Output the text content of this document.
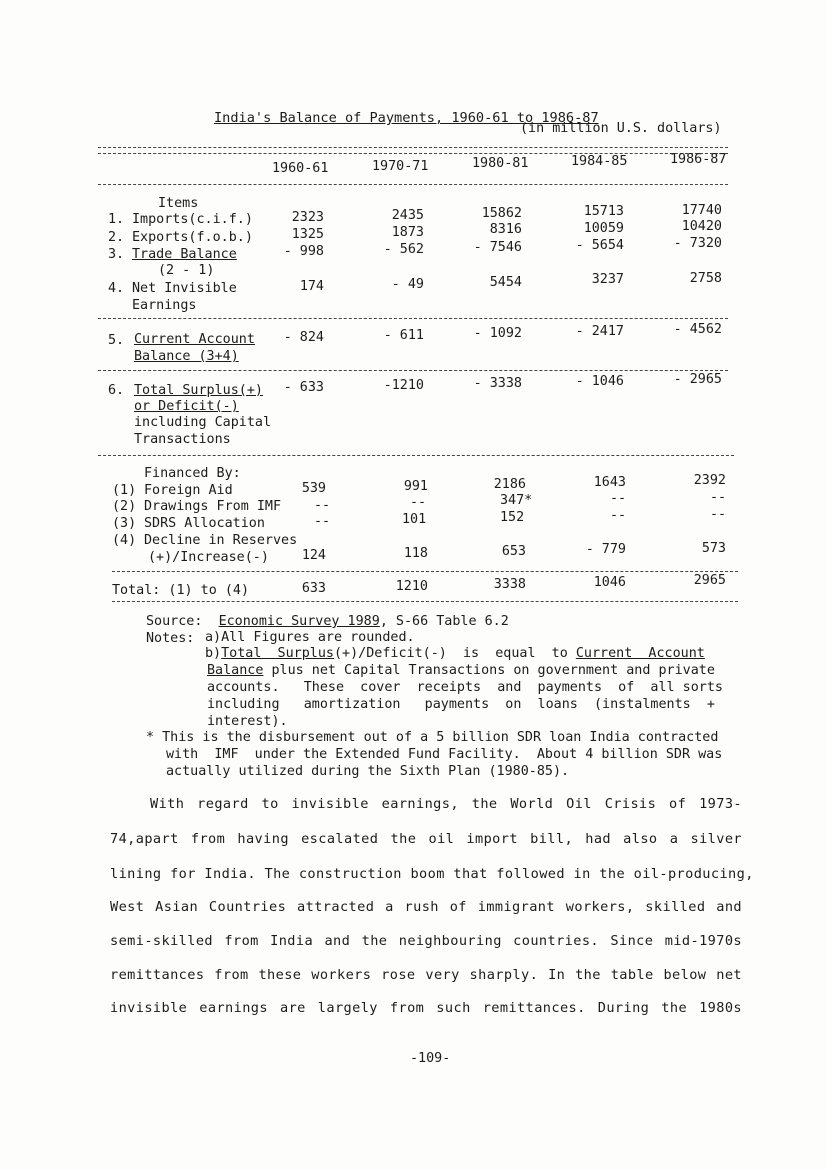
India's Balance of Payments, 1960-61 to 1986-87
(in million U.S. dollars)
1960-61	1970-71	1980-81	1984-85	1986-87
Items
1. Imports(c.i.f.)	2323	2435	15862	15713	17740
2. Exports(f.o.b.)	1325	1873	8316	10059	10420
3. Trade Balance
(2 - 1)
- 998	- 562	- 7546	- 5654	- 7320
4. Net Invisible
Earnings
174	- 49	5454	3237	2758
5. Current Account
Balance (3+4)
- 824	- 611	- 1092	- 2417	- 4562
6. Total Surplus(+)
or Deficit(-)
including Capital
Transactions
- 633	-1210	- 3338	- 1046	- 2965
Financed By:
(1) Foreign Aid	539	991	2186	1643	2392
(2) Drawings From IMF --	--	347*	--	--
(3) SDRS Allocation	--	101	152	--	--
(4) Decline in Reserves
(+)/Increase(-)	124	118	653	- 779	573
Total: (1) to (4)	633	1210	3338	1046	2965
Source: Economic Survey 1989, S-66 Table 6.2
Notes: a)All Figures are rounded.
b)Total  Surplus(+)/Deficit(-)  is  equal  to Current  Account
Balance plus net Capital Transactions on government and private
accounts.   These  cover  receipts  and  payments  of  all sorts
including   amortization   payments  on  loans  (instalments  +
interest).
* This is the disbursement out of a 5 billion SDR loan India contracted
with  IMF  under the Extended Fund Facility.  About 4 billion SDR was
actually utilized during the Sixth Plan (1980-85).
With regard to invisible earnings, the World Oil Crisis of 1973-
74,apart from having escalated the oil import bill, had also a silver
lining for India. The construction boom that followed in the oil-producing,
West Asian Countries attracted a rush of immigrant workers, skilled and
semi-skilled from India and the neighbouring countries. Since mid-1970s
remittances from these workers rose very sharply. In the table below net
invisible earnings are largely from such remittances. During the 1980s
-109-
